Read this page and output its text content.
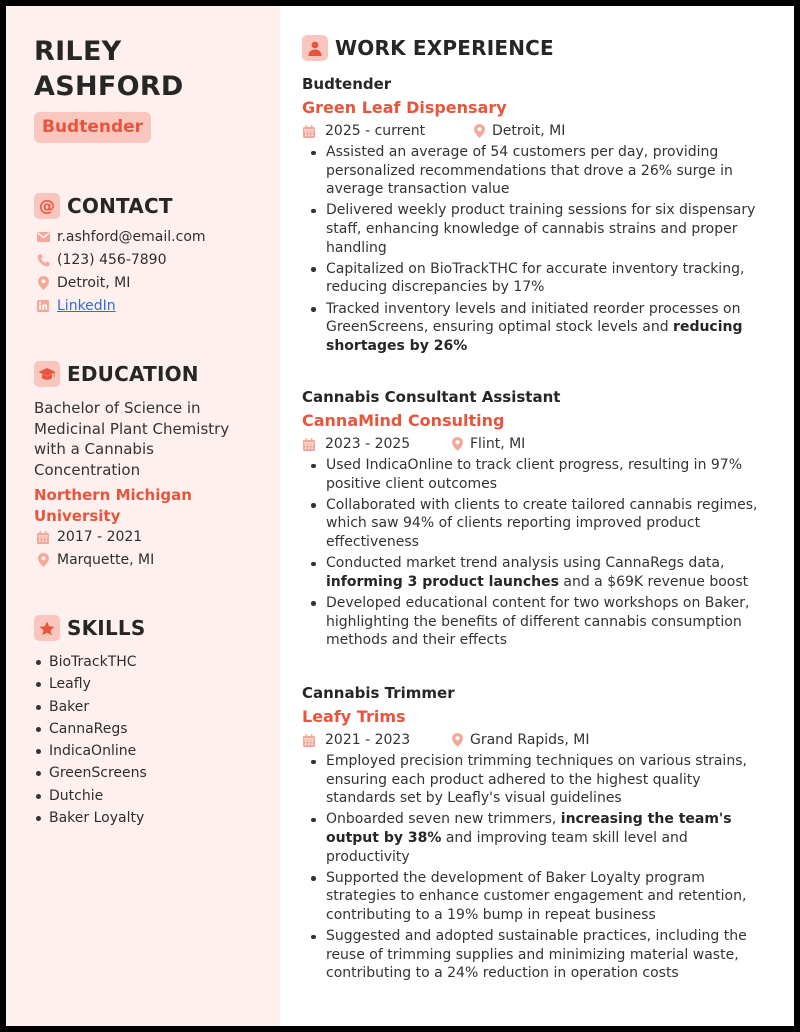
RILEY
ASHFORD
Budtender
@ CONTACT
r.ashford@email.com
(123) 456-7890
Detroit, MI
LinkedIn
EDUCATION
Bachelor of Science in Medicinal Plant Chemistry with a Cannabis Concentration
Northern Michigan University
2017 - 2021
Marquette, MI
SKILLS
BioTrackTHC
Leafly
Baker
CannaRegs
IndicaOnline
GreenScreens
Dutchie
Baker Loyalty
WORK EXPERIENCE
Budtender
Green Leaf Dispensary
2025 - current	Detroit, MI
Assisted an average of 54 customers per day, providing personalized recommendations that drove a 26% surge in average transaction value
Delivered weekly product training sessions for six dispensary staff, enhancing knowledge of cannabis strains and proper handling
Capitalized on BioTrackTHC for accurate inventory tracking, reducing discrepancies by 17%
Tracked inventory levels and initiated reorder processes on GreenScreens, ensuring optimal stock levels and reducing shortages by 26%
Cannabis Consultant Assistant
CannaMind Consulting
2023 - 2025	Flint, MI
Used IndicaOnline to track client progress, resulting in 97% positive client outcomes
Collaborated with clients to create tailored cannabis regimes, which saw 94% of clients reporting improved product effectiveness
Conducted market trend analysis using CannaRegs data, informing 3 product launches and a $69K revenue boost
Developed educational content for two workshops on Baker, highlighting the benefits of different cannabis consumption methods and their effects
Cannabis Trimmer
Leafy Trims
2021 - 2023	Grand Rapids, MI
Employed precision trimming techniques on various strains, ensuring each product adhered to the highest quality standards set by Leafly's visual guidelines
Onboarded seven new trimmers, increasing the team's output by 38% and improving team skill level and productivity
Supported the development of Baker Loyalty program strategies to enhance customer engagement and retention, contributing to a 19% bump in repeat business
Suggested and adopted sustainable practices, including the reuse of trimming supplies and minimizing material waste, contributing to a 24% reduction in operation costs
